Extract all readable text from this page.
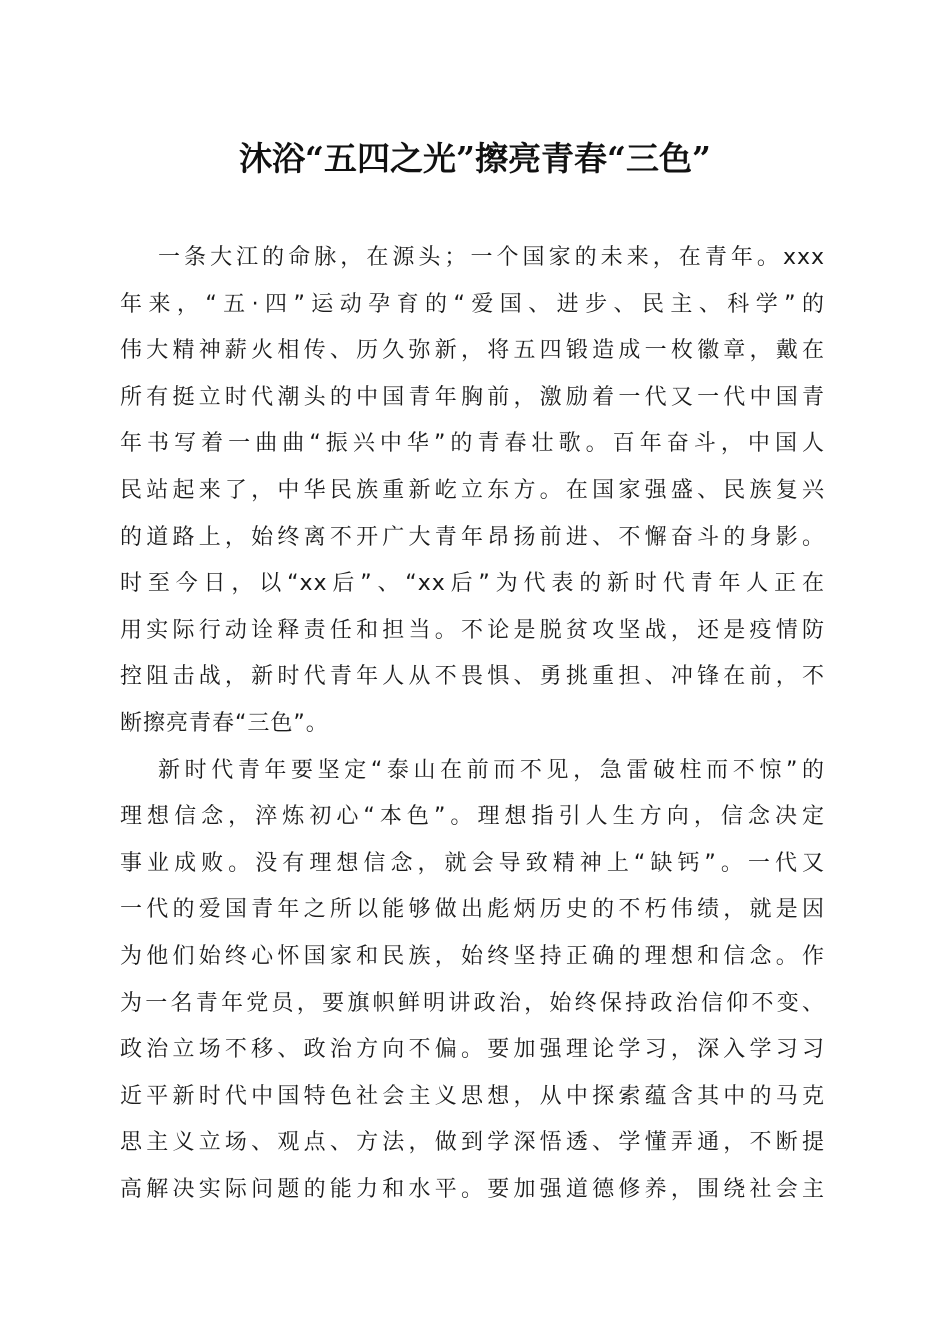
沐浴“五四之光”擦亮青春“三色”
一条大江的命脉，在源头；一个国家的未来，在青年。xxx
年来，“五·四”运动孕育的“爱国、进步、民主、科学”的
伟大精神薪火相传、历久弥新，将五四锻造成一枚徽章，戴在
所有挺立时代潮头的中国青年胸前，激励着一代又一代中国青
年书写着一曲曲“振兴中华”的青春壮歌。百年奋斗，中国人
民站起来了，中华民族重新屹立东方。在国家强盛、民族复兴
的道路上，始终离不开广大青年昂扬前进、不懈奋斗的身影。
时至今日，以“xx后”、“xx后”为代表的新时代青年人正在
用实际行动诠释责任和担当。不论是脱贫攻坚战，还是疫情防
控阻击战，新时代青年人从不畏惧、勇挑重担、冲锋在前，不
断擦亮青春“三色”。
新时代青年要坚定“泰山在前而不见，急雷破柱而不惊”的
理想信念，淬炼初心“本色”。理想指引人生方向，信念决定
事业成败。没有理想信念，就会导致精神上“缺钙”。一代又
一代的爱国青年之所以能够做出彪炳历史的不朽伟绩，就是因
为他们始终心怀国家和民族，始终坚持正确的理想和信念。作
为一名青年党员，要旗帜鲜明讲政治，始终保持政治信仰不变、
政治立场不移、政治方向不偏。要加强理论学习，深入学习习
近平新时代中国特色社会主义思想，从中探索蕴含其中的马克
思主义立场、观点、方法，做到学深悟透、学懂弄通，不断提
高解决实际问题的能力和水平。要加强道德修养，围绕社会主
